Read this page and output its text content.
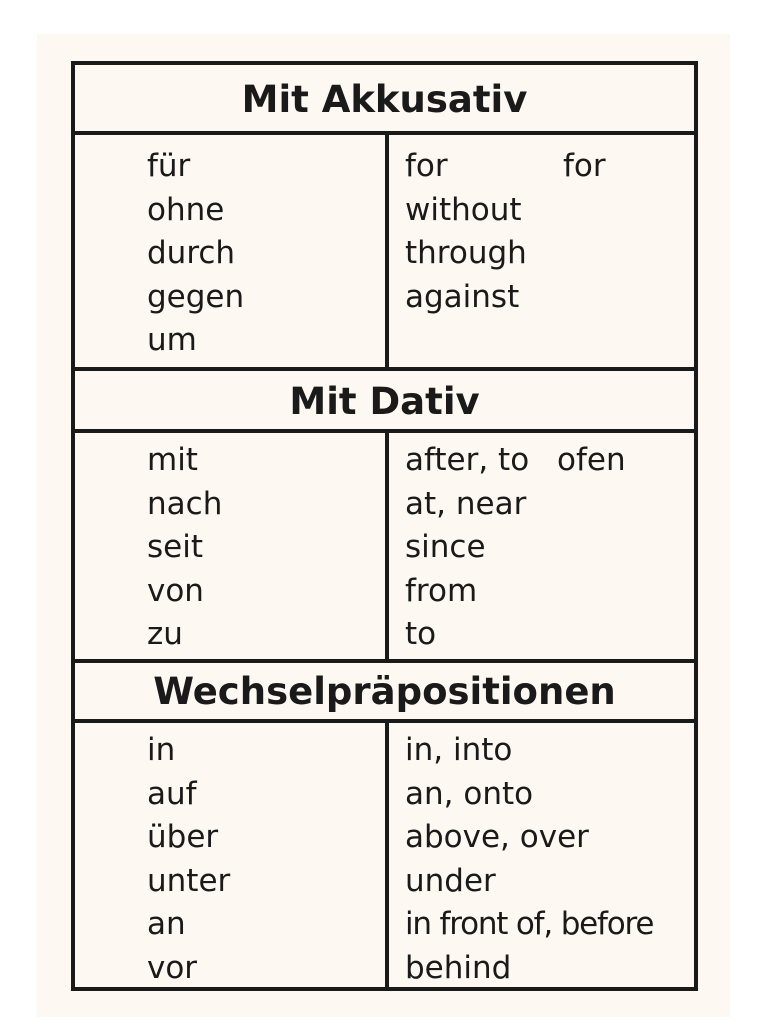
Mit Akkusativ
für
ohne
durch
gegen
um
for
without
through
against
for
Mit Dativ
mit
nach
seit
von
zu
after, to
at, near
since
from
to
ofen
Wechselpräpositionen
in
auf
über
unter
an
vor
in, into
an, onto
above, over
under
in front of, before
behind
